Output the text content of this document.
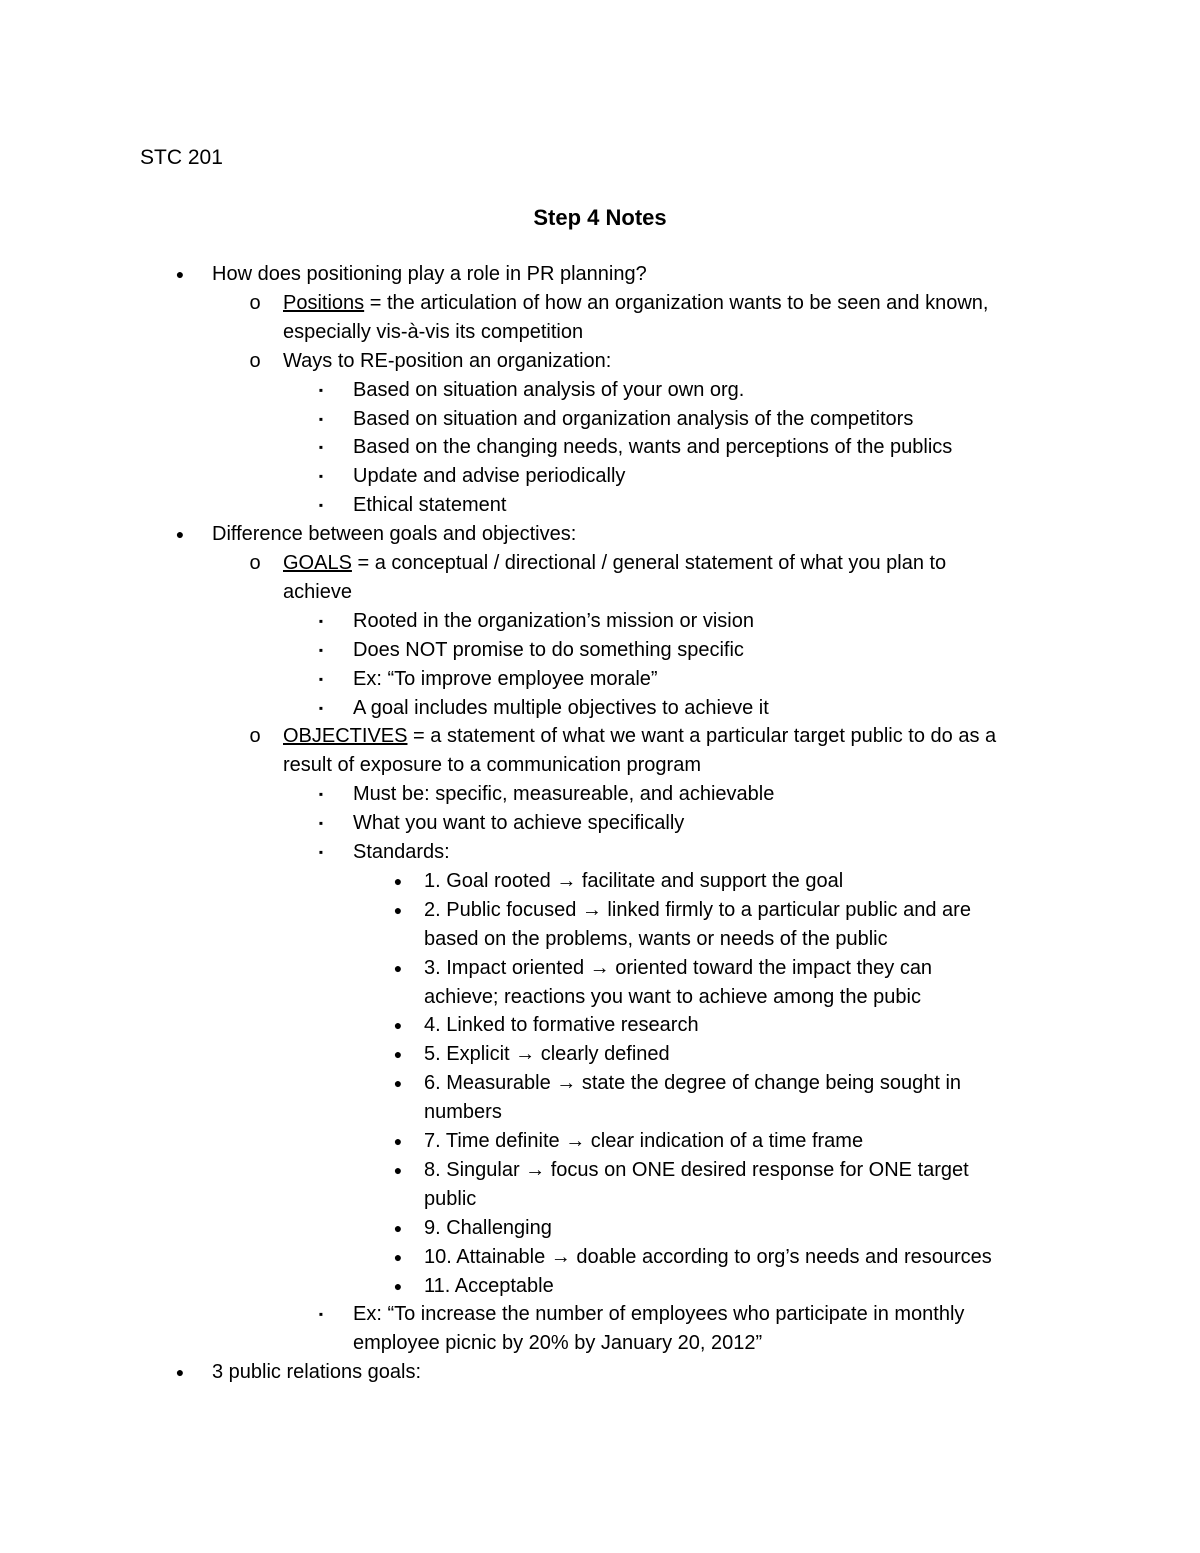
STC 201
Step 4 Notes
● How does positioning play a role in PR planning?
o Positions = the articulation of how an organization wants to be seen and known,
especially vis-à-vis its competition
o Ways to RE-position an organization:
▪	Based on situation analysis of your own org.
▪	Based on situation and organization analysis of the competitors
▪	Based on the changing needs, wants and perceptions of the publics
▪	Update and advise periodically
▪	Ethical statement
● Difference between goals and objectives:
o GOALS = a conceptual / directional / general statement of what you plan to
achieve
▪	Rooted in the organization’s mission or vision
▪	Does NOT promise to do something specific
▪	Ex: “To improve employee morale”
▪	A goal includes multiple objectives to achieve it
o OBJECTIVES = a statement of what we want a particular target public to do as a
result of exposure to a communication program
▪	Must be: specific, measureable, and achievable
▪	What you want to achieve specifically
▪	Standards:
● 1. Goal rooted → facilitate and support the goal
● 2. Public focused → linked firmly to a particular public and are
based on the problems, wants or needs of the public
● 3. Impact oriented → oriented toward the impact they can
achieve; reactions you want to achieve among the pubic
● 4. Linked to formative research
● 5. Explicit → clearly defined
● 6. Measurable → state the degree of change being sought in
numbers
● 7. Time definite → clear indication of a time frame
● 8. Singular → focus on ONE desired response for ONE target
public
● 9. Challenging
● 10. Attainable → doable according to org’s needs and resources
● 11. Acceptable
▪	Ex: “To increase the number of employees who participate in monthly
employee picnic by 20% by January 20, 2012”
● 3 public relations goals:
